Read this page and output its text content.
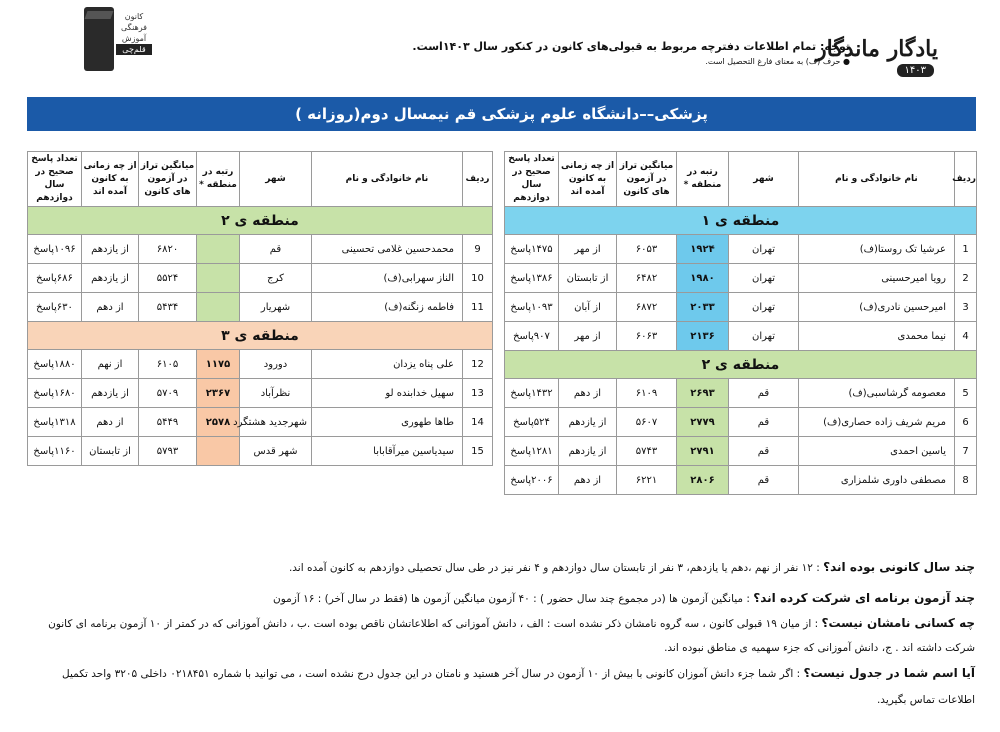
کانون
فرهنگی
آموزش
قلم‌چی	یادگار ماندگار
۱۴۰۳
توجه: تمام اطلاعات دفترچه مربوط به قبولی‌های کانون در کنکور سال ۱۴۰۳است.
● حرف (ف) به معنای فارغ التحصیل است.
پزشکی––دانشگاه علوم پزشکی قم نیمسال دوم(روزانه )
ردیف	نام خانوادگی و نام	شهر	رتبه در منطقه *	میانگین تراز در آزمون های کانون	از چه زمانی به کانون آمده اند	تعداد پاسخ صحیح در سال دوازدهم
منطقه ی ۱						
1	عرشیا تک روستا(ف)	تهران	۱۹۲۴	۶۰۵۳	از مهر	۱۴۷۵پاسخ
2	رویا امیرحسینی	تهران	۱۹۸۰	۶۴۸۲	از تابستان	۱۳۸۶پاسخ
3	امیرحسین نادری(ف)	تهران	۲۰۳۳	۶۸۷۲	از آبان	۱۰۹۳پاسخ
4	نیما محمدی	تهران	۲۱۳۶	۶۰۶۳	از مهر	۹۰۷پاسخ
منطقه ی ۲						
5	معصومه گرشاسبی(ف)	قم	۲۶۹۳	۶۱۰۹	از دهم	۱۴۳۲پاسخ
6	مریم شریف زاده حصاری(ف)	قم	۲۷۷۹	۵۶۰۷	از یازدهم	۵۲۴پاسخ
7	یاسین احمدی	قم	۲۷۹۱	۵۷۴۳	از یازدهم	۱۲۸۱پاسخ
8	مصطفی داوری شلمزاری	قم	۲۸۰۶	۶۲۲۱	از دهم	۲۰۰۶پاسخ
ردیف	نام خانوادگی و نام	شهر	رتبه در منطقه *	میانگین تراز در آزمون های کانون	از چه زمانی به کانون آمده اند	تعداد پاسخ صحیح در سال دوازدهم
منطقه ی ۲						
9	محمدحسین غلامی تحسینی	قم		۶۸۲۰	از یازدهم	۱۰۹۶پاسخ
10	الناز سهرابی(ف)	کرج		۵۵۲۴	از یازدهم	۶۸۶پاسخ
11	فاطمه زنگنه(ف)	شهریار		۵۴۳۴	از دهم	۶۳۰پاسخ
منطقه ی ۳						
12	علی پناه یزدان	دورود	۱۱۷۵	۶۱۰۵	از نهم	۱۸۸۰پاسخ
13	سهیل خدابنده لو	نظرآباد	۲۳۶۷	۵۷۰۹	از یازدهم	۱۶۸۰پاسخ
14	طاها طهوری	شهرجدید هشتگرد	۲۵۷۸	۵۴۴۹	از دهم	۱۳۱۸پاسخ
15	سیدیاسین میرآقابابا	شهر قدس		۵۷۹۳	از تابستان	۱۱۶۰پاسخ
چند سال کانونی بوده اند؟ : ۱۲ نفر از نهم ،دهم یا یازدهم، ۳ نفر از تابستان سال دوازدهم و ۴ نفر نیز در طی سال تحصیلی دوازدهم به کانون آمده اند.
چند آزمون برنامه ای شرکت کرده اند؟ : میانگین آزمون ها (در مجموع چند سال حضور ) : ۴۰ آزمون میانگین آزمون ها (فقط در سال آخر) : ۱۶ آزمون
چه کسانی نامشان نیست؟ : از میان ۱۹ قبولی کانون ، سه گروه نامشان ذکر نشده است : الف ، دانش آموزانی که اطلاعاتشان ناقص بوده است .ب ، دانش آموزانی که در کمتر از ۱۰ آزمون برنامه ای کانون شرکت داشته اند . ج، دانش آموزانی که جزء سهمیه ی مناطق نبوده اند.
آیا اسم شما در جدول نیست؟ : اگر شما جزء دانش آموزان کانونی با بیش از ۱۰ آزمون در سال آخر هستید و نامتان در این جدول درج نشده است ، می توانید با شماره ۰۲۱۸۴۵۱ داخلی ۳۲۰۵ واحد تکمیل اطلاعات تماس بگیرید.
